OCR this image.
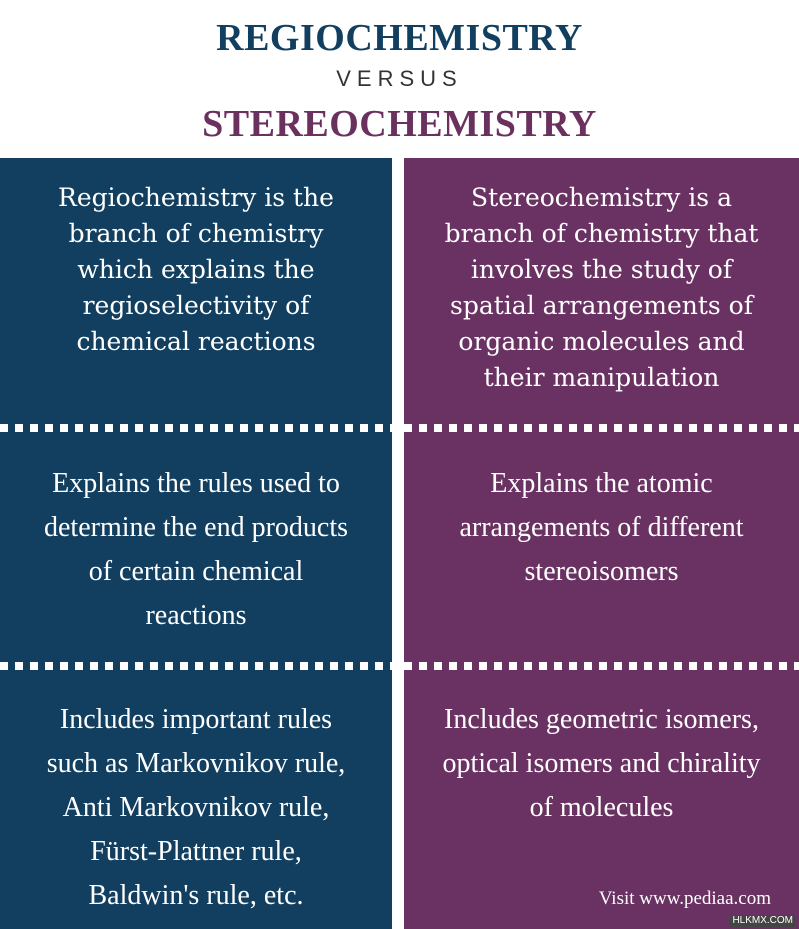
REGIOCHEMISTRY
VERSUS
STEREOCHEMISTRY
Regiochemistry is the branch of chemistry which explains the regioselectivity of chemical reactions
Explains the rules used to determine the end products of certain chemical reactions
Includes important rules such as Markovnikov rule, Anti Markovnikov rule, Fürst-Plattner rule, Baldwin's rule, etc.
Stereochemistry is a branch of chemistry that involves the study of spatial arrangements of organic molecules and their manipulation
Explains the atomic arrangements of different stereoisomers
Includes geometric isomers, optical isomers and chirality of molecules
Visit www.pediaa.com
HLKMX.COM
